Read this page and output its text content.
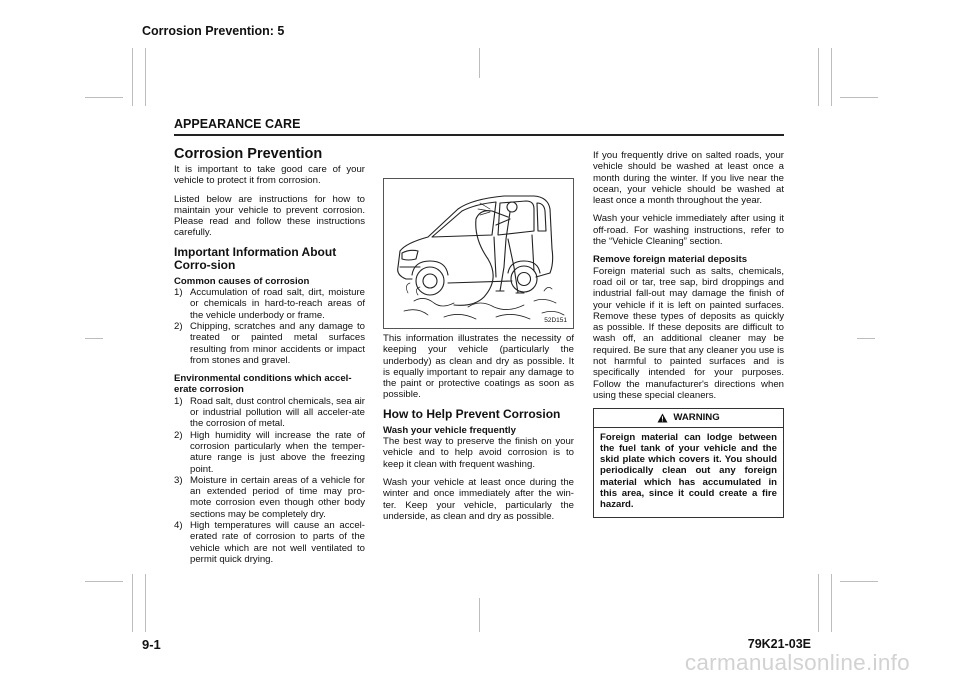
Corrosion Prevention: 5
APPEARANCE CARE
Corrosion Prevention

It is important to take good care of your vehicle to protect it from corrosion.

Listed below are instructions for how to maintain your vehicle to prevent corrosion. Please read and follow these instructions carefully.

Important Information About Corro-sion
Common causes of corrosion
1) Accumulation of road salt, dirt, moisture or chemicals in hard-to-reach areas of the vehicle underbody or frame.
2) Chipping, scratches and any damage to treated or painted metal surfaces resulting from minor accidents or impact from stones and gravel.
Environmental conditions which accel-erate corrosion
1) Road salt, dust control chemicals, sea air or industrial pollution will all acceler-ate the corrosion of metal.
2) High humidity will increase the rate of corrosion particularly when the temper-ature range is just above the freezing point.
3) Moisture in certain areas of a vehicle for an extended period of time may pro-mote corrosion even though other body sections may be completely dry.
4) High temperatures will cause an accel-erated rate of corrosion to parts of the vehicle which are not well ventilated to permit quick drying.
52D151

This information illustrates the necessity of keeping your vehicle (particularly the underbody) as clean and dry as possible. It is equally important to repair any damage to the paint or protective coatings as soon as possible.

How to Help Prevent Corrosion
Wash your vehicle frequently

The best way to preserve the finish on your vehicle and to help avoid corrosion is to keep it clean with frequent washing.

Wash your vehicle at least once during the winter and once immediately after the win-ter. Keep your vehicle, particularly the underside, as clean and dry as possible.

If you frequently drive on salted roads, your vehicle should be washed at least once a month during the winter. If you live near the ocean, your vehicle should be washed at least once a month throughout the year.

Wash your vehicle immediately after using it off-road. For washing instructions, refer to the “Vehicle Cleaning” section.

Remove foreign material deposits

Foreign material such as salts, chemicals, road oil or tar, tree sap, bird droppings and industrial fall-out may damage the finish of your vehicle if it is left on painted surfaces. Remove these types of deposits as quickly as possible. If these deposits are difficult to wash off, an additional cleaner may be required. Be sure that any cleaner you use is not harmful to painted surfaces and is specifically intended for your purposes. Follow the manufacturer's directions when using these special cleaners.

WARNING
Foreign material can lodge between the fuel tank of your vehicle and the skid plate which covers it. You should periodically clean out any foreign material which has accumulated in this area, since it could create a fire hazard.
9-1	79K21-03E
carmanualsonline.info
